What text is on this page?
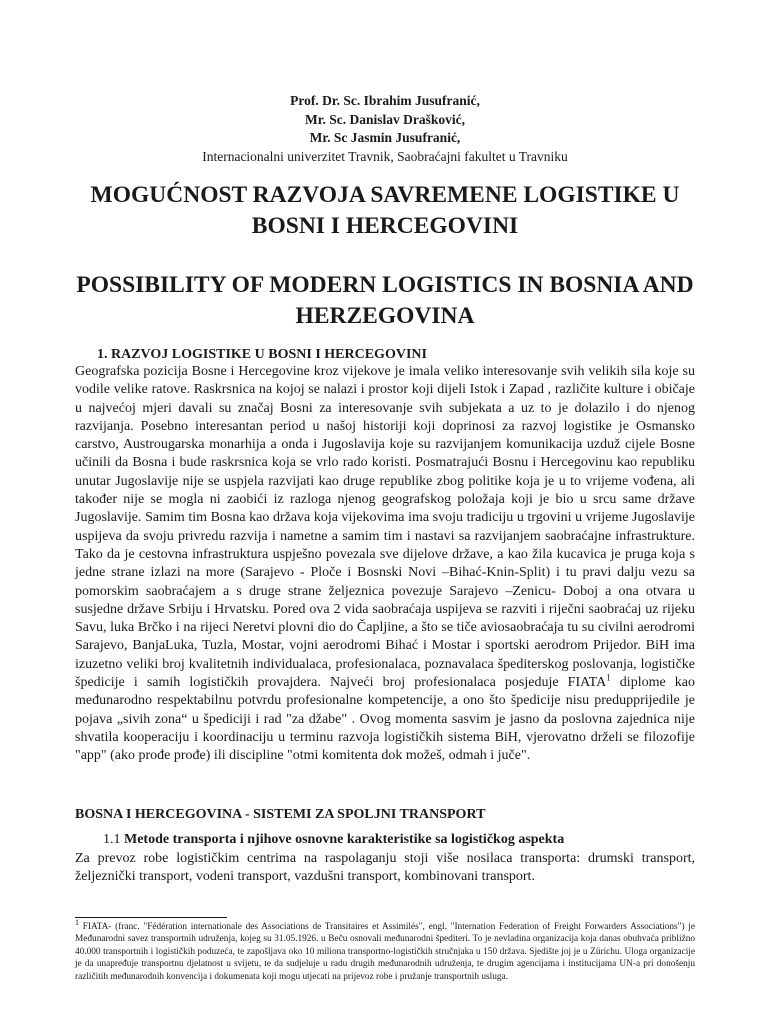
Prof. Dr. Sc. Ibrahim Jusufranić,
Mr. Sc. Danislav Drašković,
Mr. Sc Jasmin Jusufranić,
Internacionalni univerzitet Travnik, Saobraćajni fakultet u Travniku
MOGUĆNOST RAZVOJA SAVREMENE LOGISTIKE U BOSNI I HERCEGOVINI
POSSIBILITY OF MODERN LOGISTICS IN BOSNIA AND HERZEGOVINA
1. RAZVOJ LOGISTIKE U BOSNI I HERCEGOVINI

Geografska pozicija Bosne i Hercegovine kroz vijekove je imala veliko interesovanje svih velikih sila koje su vodile velike ratove. Raskrsnica na kojoj se nalazi i prostor koji dijeli Istok i Zapad , različite kulture i običaje u najvećoj mjeri davali su značaj Bosni za interesovanje svih subjekata a uz to je dolazilo i do njenog razvijanja. Posebno interesantan period u našoj historiji koji doprinosi za razvoj logistike je Osmansko carstvo, Austrougarska monarhija a onda i Jugoslavija koje su razvijanjem komunikacija uzduž cijele Bosne učinili da Bosna i bude raskrsnica koja se vrlo rado koristi. Posmatrajući Bosnu i Hercegovinu kao republiku unutar Jugoslavije nije se uspjela razvijati kao druge republike zbog politike koja je u to vrijeme vođena, ali također nije se mogla ni zaobići iz razloga njenog geografskog položaja koji je bio u srcu same države Jugoslavije. Samim tim Bosna kao država koja vijekovima ima svoju tradiciju u trgovini u vrijeme Jugoslavije uspijeva da svoju privredu razvija i nametne a samim tim i nastavi sa razvijanjem saobraćajne infrastrukture. Tako da je cestovna infrastruktura uspješno povezala sve dijelove države, a kao žila kucavica je pruga koja s jedne strane izlazi na more (Sarajevo - Ploče i Bosnski Novi –Bihać-Knin-Split) i tu pravi dalju vezu sa pomorskim saobraćajem a s druge strane željeznica povezuje Sarajevo –Zenicu- Doboj a ona otvara u susjedne države Srbiju i Hrvatsku. Pored ova 2 vida saobraćaja uspijeva se razviti i riječni saobraćaj uz rijeku Savu, luka Brčko i na rijeci Neretvi plovni dio do Čapljine, a što se tiče aviosaobraćaja tu su civilni aerodromi Sarajevo, BanjaLuka, Tuzla, Mostar, vojni aerodromi Bihać i Mostar i sportski aerodrom Prijedor. BiH ima izuzetno veliki broj kvalitetnih individualaca, profesionalaca, poznavalaca špediterskog poslovanja, logističke špedicije i samih logističkih provajdera. Najveći broj profesionalaca posjeduje FIATA$^1$ diplome kao međunarodno respektabilnu potvrdu profesionalne kompetencije, a ono što špedicije nisu predupprijedile je pojava „sivih zona“ u špediciji i rad "za džabe" . Ovog momenta sasvim je jasno da poslovna zajednica nije shvatila kooperaciju i koordinaciju u terminu razvoja logističkih sistema BiH, vjerovatno drželi se filozofije "app" (ako prođe prođe) ili discipline "otmi komitenta dok možeš, odmah i juče".

BOSNA I HERCEGOVINA - SISTEMI ZA SPOLJNI TRANSPORT
1.1 Metode transporta i njihove osnovne karakteristike sa logističkog aspekta

Za prevoz robe logističkim centrima na raspolaganju stoji više nosilaca transporta: drumski transport, željeznički transport, vodeni transport, vazdušni transport, kombinovani transport.

$^1$ FIATA- (franc. "Fédération internationale des Associations de Transitaires et Assimilés", engl. "Internation Federation of Freight Forwarders Associations") je Međunarodni savez transportnih udruženja, kojeg su 31.05.1926. u Beču osnovali međunarodni špediteri. To je nevladina organizacija koja danas obuhvaća približno 40.000 transportnih i logističkih poduzeća, te zapošljava oko 10 miliona transportno-logističkih stručnjaka u 150 država. Sjedište joj je u Zürichu. Uloga organizacije je da unapređuje transportnu djelatnost u svijetu, te da sudjeluje u radu drugih međunarodnih udruženja, te drugim agencijama i institucijama UN-a pri donošenju različitih međunarodnih konvencija i dokumenata koji mogu utjecati na prijevoz robe i pružanje transportnih usluga.
